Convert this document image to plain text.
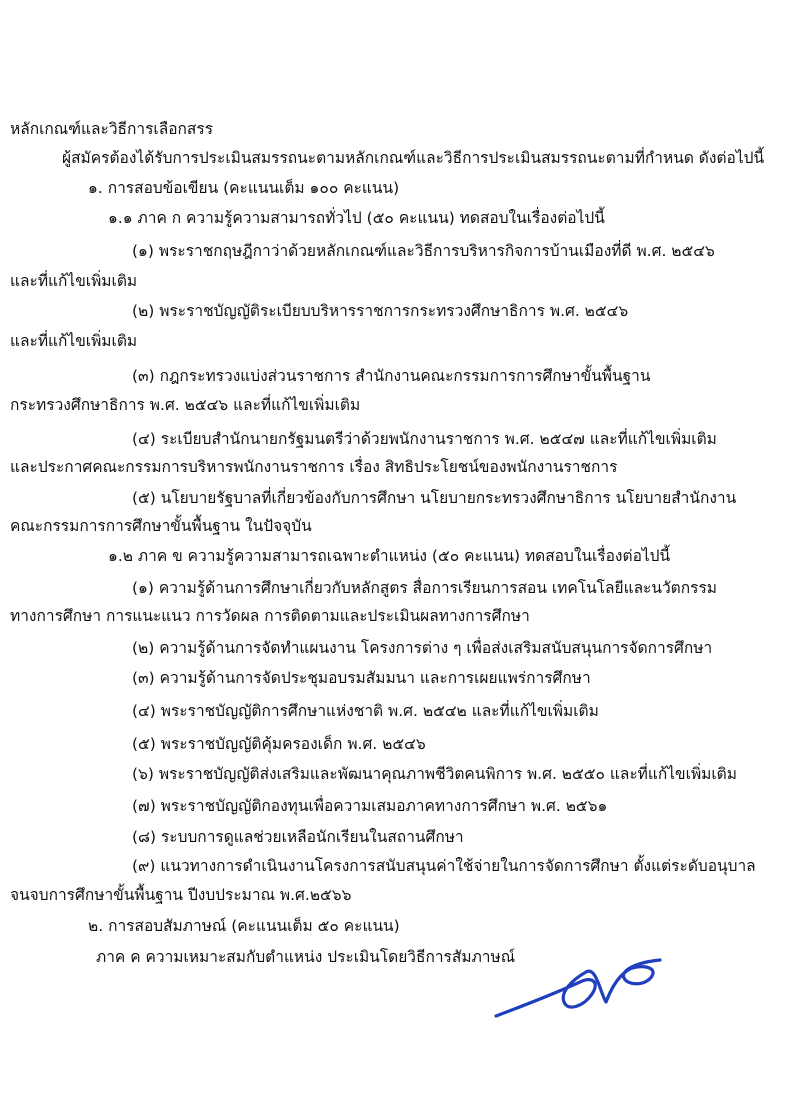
หลักเกณฑ์และวิธีการเลือกสรร
ผู้สมัครต้องได้รับการประเมินสมรรถนะตามหลักเกณฑ์และวิธีการประเมินสมรรถนะตามที่กำหนด ดังต่อไปนี้
๑. การสอบข้อเขียน (คะแนนเต็ม ๑๐๐ คะแนน)
๑.๑ ภาค ก ความรู้ความสามารถทั่วไป (๕๐ คะแนน) ทดสอบในเรื่องต่อไปนี้
(๑) พระราชกฤษฎีกาว่าด้วยหลักเกณฑ์และวิธีการบริหารกิจการบ้านเมืองที่ดี พ.ศ. ๒๕๔๖
และที่แก้ไขเพิ่มเติม
(๒) พระราชบัญญัติระเบียบบริหารราชการกระทรวงศึกษาธิการ พ.ศ. ๒๕๔๖
และที่แก้ไขเพิ่มเติม
(๓) กฎกระทรวงแบ่งส่วนราชการ สำนักงานคณะกรรมการการศึกษาขั้นพื้นฐาน
กระทรวงศึกษาธิการ พ.ศ. ๒๕๔๖ และที่แก้ไขเพิ่มเติม
(๔) ระเบียบสำนักนายกรัฐมนตรีว่าด้วยพนักงานราชการ พ.ศ. ๒๕๔๗ และที่แก้ไขเพิ่มเติม
และประกาศคณะกรรมการบริหารพนักงานราชการ เรื่อง สิทธิประโยชน์ของพนักงานราชการ
(๕) นโยบายรัฐบาลที่เกี่ยวข้องกับการศึกษา นโยบายกระทรวงศึกษาธิการ นโยบายสำนักงาน
คณะกรรมการการศึกษาขั้นพื้นฐาน ในปัจจุบัน
๑.๒ ภาค ข ความรู้ความสามารถเฉพาะตำแหน่ง (๕๐ คะแนน) ทดสอบในเรื่องต่อไปนี้
(๑) ความรู้ด้านการศึกษาเกี่ยวกับหลักสูตร สื่อการเรียนการสอน เทคโนโลยีและนวัตกรรม
ทางการศึกษา การแนะแนว การวัดผล การติดตามและประเมินผลทางการศึกษา
(๒) ความรู้ด้านการจัดทำแผนงาน โครงการต่าง ๆ เพื่อส่งเสริมสนับสนุนการจัดการศึกษา
(๓) ความรู้ด้านการจัดประชุมอบรมสัมมนา และการเผยแพร่การศึกษา
(๔) พระราชบัญญัติการศึกษาแห่งชาติ พ.ศ. ๒๕๔๒ และที่แก้ไขเพิ่มเติม
(๕) พระราชบัญญัติคุ้มครองเด็ก พ.ศ. ๒๕๔๖
(๖) พระราชบัญญัติส่งเสริมและพัฒนาคุณภาพชีวิตคนพิการ พ.ศ. ๒๕๕๐ และที่แก้ไขเพิ่มเติม
(๗) พระราชบัญญัติกองทุนเพื่อความเสมอภาคทางการศึกษา พ.ศ. ๒๕๖๑
(๘) ระบบการดูแลช่วยเหลือนักเรียนในสถานศึกษา
(๙) แนวทางการดำเนินงานโครงการสนับสนุนค่าใช้จ่ายในการจัดการศึกษา ตั้งแต่ระดับอนุบาล
จนจบการศึกษาขั้นพื้นฐาน ปีงบประมาณ พ.ศ.๒๕๖๖
๒. การสอบสัมภาษณ์ (คะแนนเต็ม ๕๐ คะแนน)
ภาค ค ความเหมาะสมกับตำแหน่ง ประเมินโดยวิธีการสัมภาษณ์
